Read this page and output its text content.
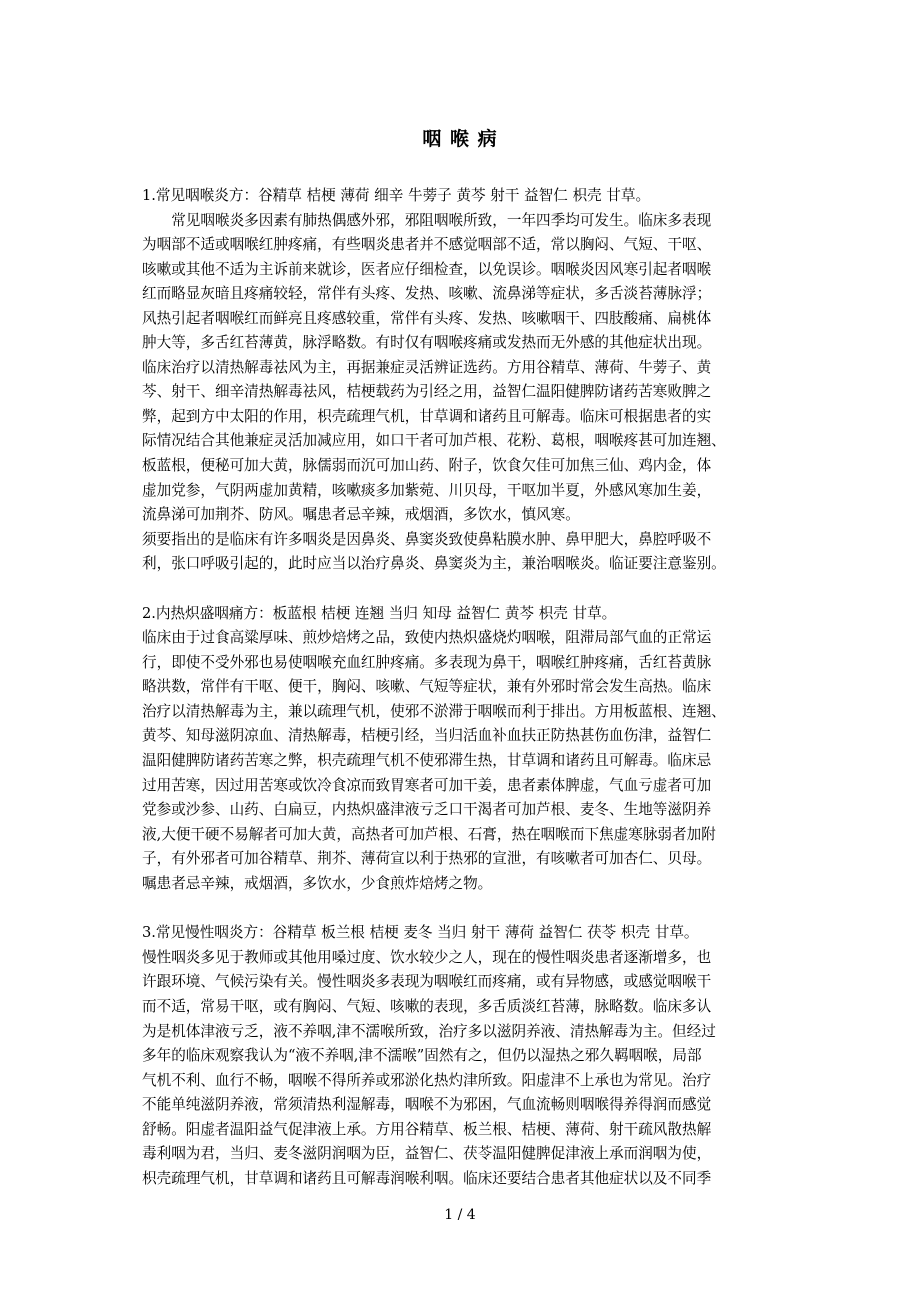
咽 喉 病
1.常见咽喉炎方：谷精草 桔梗 薄荷 细辛 牛蒡子 黄芩 射干 益智仁 枳壳 甘草。
　　常见咽喉炎多因素有肺热偶感外邪，邪阻咽喉所致，一年四季均可发生。临床多表现
为咽部不适或咽喉红肿疼痛，有些咽炎患者并不感觉咽部不适，常以胸闷、气短、干呕、
咳嗽或其他不适为主诉前来就诊，医者应仔细检查，以免误诊。咽喉炎因风寒引起者咽喉
红而略显灰暗且疼痛较轻，常伴有头疼、发热、咳嗽、流鼻涕等症状，多舌淡苔薄脉浮；
风热引起者咽喉红而鲜亮且疼感较重，常伴有头疼、发热、咳嗽咽干、四肢酸痛、扁桃体
肿大等，多舌红苔薄黄，脉浮略数。有时仅有咽喉疼痛或发热而无外感的其他症状出现。
临床治疗以清热解毒祛风为主，再据兼症灵活辨证选药。方用谷精草、薄荷、牛蒡子、黄
芩、射干、细辛清热解毒祛风，桔梗载药为引经之用，益智仁温阳健脾防诸药苦寒败脾之
弊，起到方中太阳的作用，枳壳疏理气机，甘草调和诸药且可解毒。临床可根据患者的实
际情况结合其他兼症灵活加减应用，如口干者可加芦根、花粉、葛根，咽喉疼甚可加连翘、
板蓝根，便秘可加大黄，脉儒弱而沉可加山药、附子，饮食欠佳可加焦三仙、鸡内金，体
虚加党参，气阴两虚加黄精，咳嗽痰多加紫菀、川贝母，干呕加半夏，外感风寒加生姜，
流鼻涕可加荆芥、防风。嘱患者忌辛辣，戒烟酒，多饮水，慎风寒。
须要指出的是临床有许多咽炎是因鼻炎、鼻窦炎致使鼻粘膜水肿、鼻甲肥大，鼻腔呼吸不
利，张口呼吸引起的，此时应当以治疗鼻炎、鼻窦炎为主，兼治咽喉炎。临证要注意鉴别。
2.内热炽盛咽痛方：板蓝根 桔梗 连翘 当归 知母 益智仁 黄芩 枳壳 甘草。
临床由于过食高粱厚味、煎炒焙烤之品，致使内热炽盛烧灼咽喉，阻滞局部气血的正常运
行，即使不受外邪也易使咽喉充血红肿疼痛。多表现为鼻干，咽喉红肿疼痛，舌红苔黄脉
略洪数，常伴有干呕、便干，胸闷、咳嗽、气短等症状，兼有外邪时常会发生高热。临床
治疗以清热解毒为主，兼以疏理气机，使邪不淤滞于咽喉而利于排出。方用板蓝根、连翘、
黄芩、知母滋阴凉血、清热解毒，桔梗引经，当归活血补血扶正防热甚伤血伤津，益智仁
温阳健脾防诸药苦寒之弊，枳壳疏理气机不使邪滞生热，甘草调和诸药且可解毒。临床忌
过用苦寒，因过用苦寒或饮冷食凉而致胃寒者可加干姜，患者素体脾虚，气血亏虚者可加
党参或沙参、山药、白扁豆，内热炽盛津液亏乏口干渴者可加芦根、麦冬、生地等滋阴养
液,大便干硬不易解者可加大黄，高热者可加芦根、石膏，热在咽喉而下焦虚寒脉弱者加附
子，有外邪者可加谷精草、荆芥、薄荷宣以利于热邪的宣泄，有咳嗽者可加杏仁、贝母。
嘱患者忌辛辣，戒烟酒，多饮水，少食煎炸焙烤之物。
3.常见慢性咽炎方：谷精草 板兰根 桔梗 麦冬 当归 射干 薄荷 益智仁 茯苓 枳壳 甘草。
慢性咽炎多见于教师或其他用嗓过度、饮水较少之人，现在的慢性咽炎患者逐渐增多，也
许跟环境、气候污染有关。慢性咽炎多表现为咽喉红而疼痛，或有异物感，或感觉咽喉干
而不适，常易干呕，或有胸闷、气短、咳嗽的表现，多舌质淡红苔薄，脉略数。临床多认
为是机体津液亏乏，液不养咽,津不濡喉所致，治疗多以滋阴养液、清热解毒为主。但经过
多年的临床观察我认为“液不养咽,津不濡喉”固然有之，但仍以湿热之邪久羁咽喉，局部
气机不利、血行不畅，咽喉不得所养或邪淤化热灼津所致。阳虚津不上承也为常见。治疗
不能单纯滋阴养液，常须清热利湿解毒，咽喉不为邪困，气血流畅则咽喉得养得润而感觉
舒畅。阳虚者温阳益气促津液上承。方用谷精草、板兰根、桔梗、薄荷、射干疏风散热解
毒利咽为君，当归、麦冬滋阴润咽为臣，益智仁、茯苓温阳健脾促津液上承而润咽为使，
枳壳疏理气机，甘草调和诸药且可解毒润喉利咽。临床还要结合患者其他症状以及不同季
1 / 4
